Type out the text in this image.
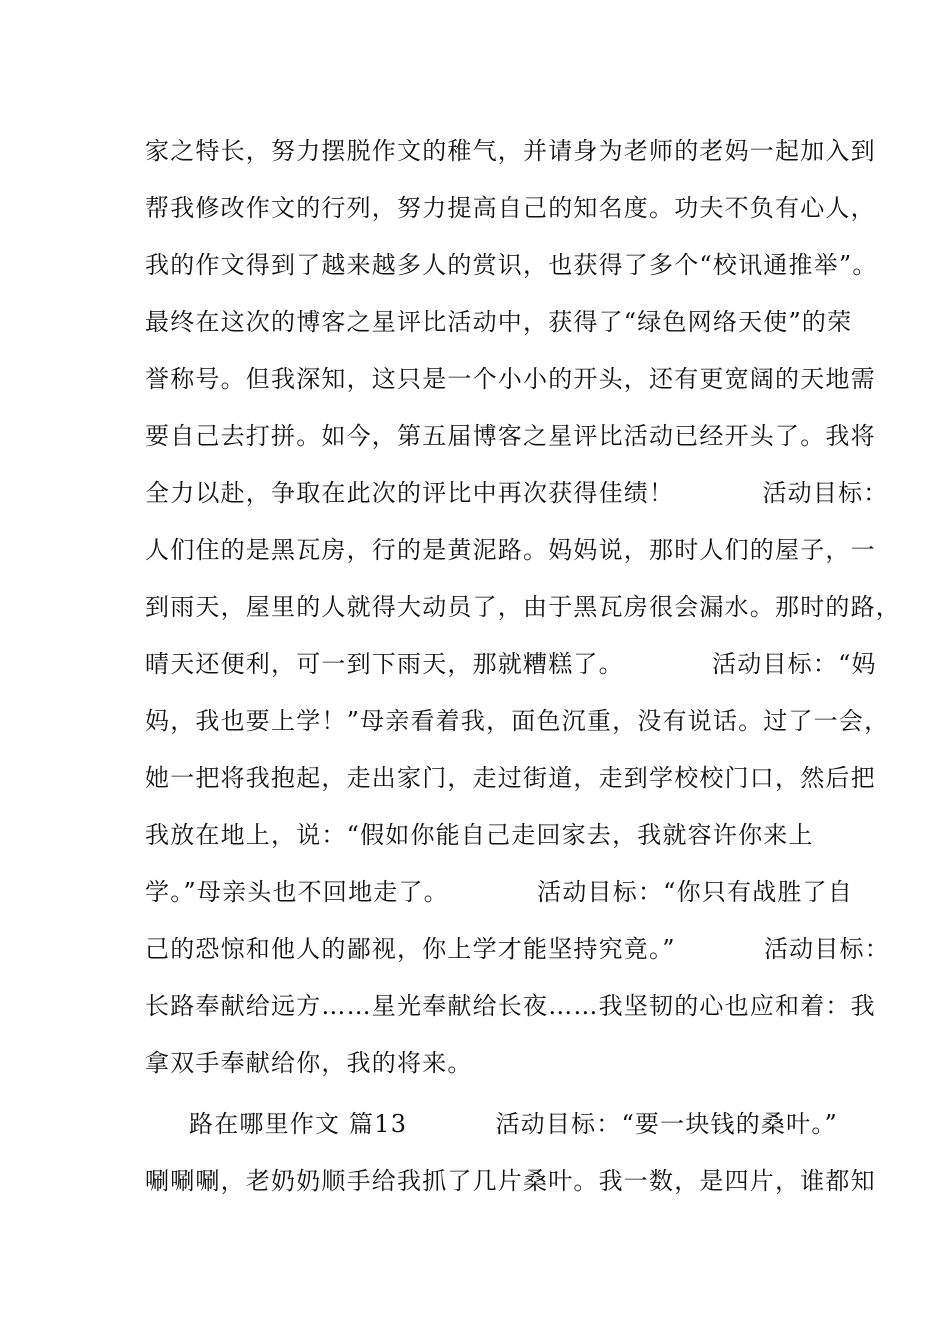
家之特长，努力摆脱作文的稚气，并请身为老师的老妈一起加入到
帮我修改作文的行列，努力提高自己的知名度。功夫不负有心人，
我的作文得到了越来越多人的赏识，也获得了多个“校讯通推举”。
最终在这次的博客之星评比活动中，获得了“绿色网络天使”的荣
誉称号。但我深知，这只是一个小小的开头，还有更宽阔的天地需
要自己去打拼。如今，第五届博客之星评比活动已经开头了。我将
全力以赴，争取在此次的评比中再次获得佳绩！          活动目标：
人们住的是黑瓦房，行的是黄泥路。妈妈说，那时人们的屋子，一
到雨天，屋里的人就得大动员了，由于黑瓦房很会漏水。那时的路，
晴天还便利，可一到下雨天，那就糟糕了。          活动目标：“妈
妈，我也要上学！”母亲看着我，面色沉重，没有说话。过了一会，
她一把将我抱起，走出家门，走过街道，走到学校校门口，然后把
我放在地上，说：“假如你能自己走回家去，我就容许你来上
学。”母亲头也不回地走了。          活动目标：“你只有战胜了自
己的恐惊和他人的鄙视，你上学才能坚持究竟。”          活动目标：
长路奉献给远方……星光奉献给长夜……我坚韧的心也应和着：我
拿双手奉献给你，我的将来。
路在哪里作文 篇13          活动目标：“要一块钱的桑叶。”
唰唰唰，老奶奶顺手给我抓了几片桑叶。我一数，是四片，谁都知
